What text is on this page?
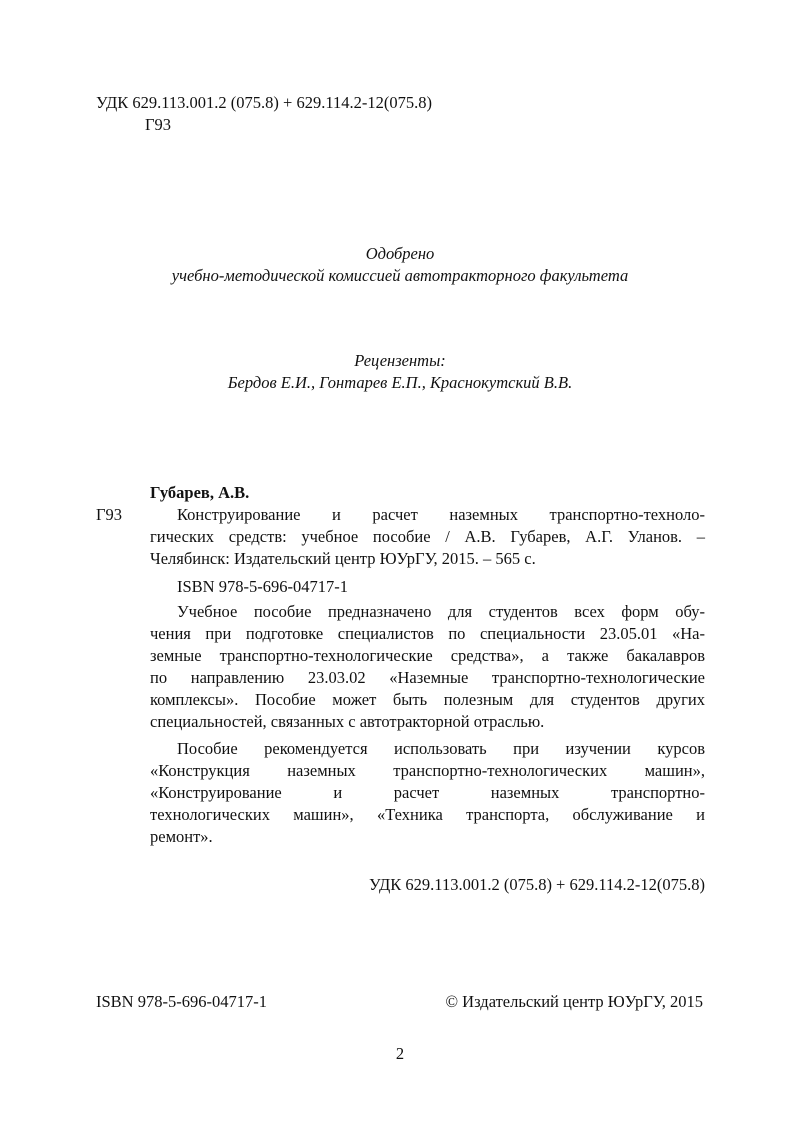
УДК 629.113.001.2 (075.8) + 629.114.2-12(075.8)
Г93
Одобрено
учебно-методической комиссией автотракторного факультета
Рецензенты:
Бердов Е.И., Гонтарев Е.П., Краснокутский В.В.
Губарев, А.В.
Г93	Конструирование и расчет наземных транспортно-техноло-
гических средств: учебное пособие / А.В. Губарев, А.Г. Уланов. –
Челябинск: Издательский центр ЮУрГУ, 2015. – 565 с.
ISBN 978-5-696-04717-1
Учебное пособие предназначено для студентов всех форм обу-
чения при подготовке специалистов по специальности 23.05.01 «На-
земные транспортно-технологические средства», а также бакалавров
по направлению 23.03.02 «Наземные транспортно-технологические
комплексы». Пособие может быть полезным для студентов других
специальностей, связанных с автотракторной отраслью.
Пособие рекомендуется использовать при изучении курсов
«Конструкция наземных транспортно-технологических машин»,
«Конструирование и расчет наземных транспортно-
технологических машин», «Техника транспорта, обслуживание и
ремонт».
УДК 629.113.001.2 (075.8) + 629.114.2-12(075.8)
ISBN 978-5-696-04717-1	© Издательский центр ЮУрГУ, 2015
2
